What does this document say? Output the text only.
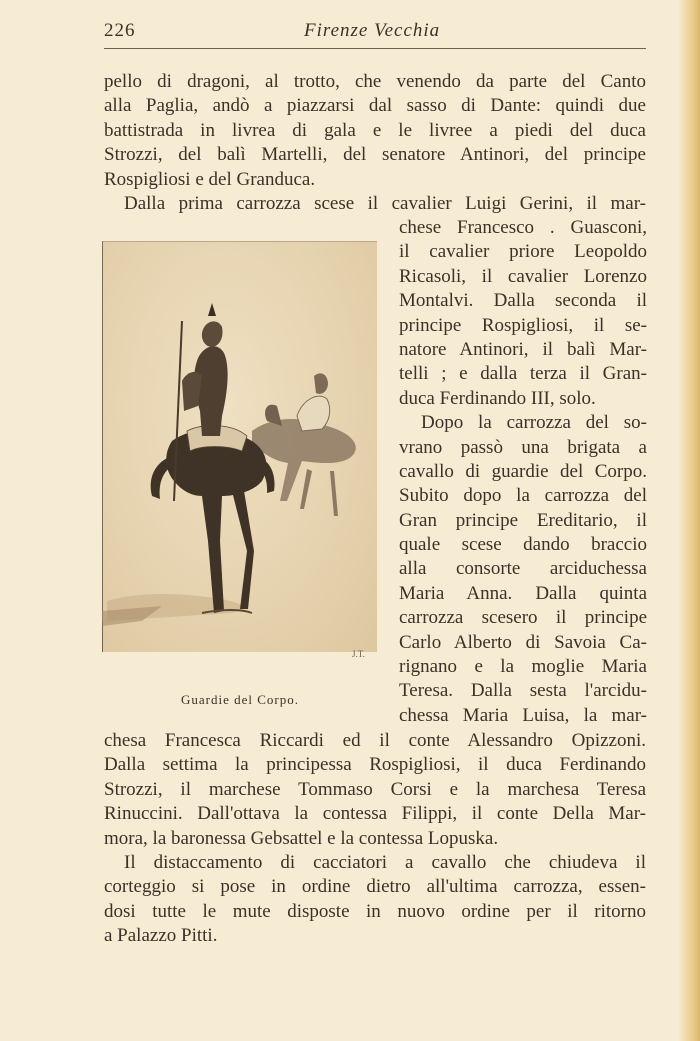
226	Firenze Vecchia
pello di dragoni, al trotto, che venendo da parte del Canto
alla Paglia, andò a piazzarsi dal sasso di Dante: quindi due
battistrada in livrea di gala e le livree a piedi del duca
Strozzi, del balì Martelli, del senatore Antinori, del principe
Rospigliosi e del Granduca.
Dalla prima carrozza scese il cavalier Luigi Gerini, il mar-
chese Francesco . Guasconi,
il cavalier priore Leopoldo
Ricasoli, il cavalier Lorenzo
Montalvi. Dalla seconda il
principe Rospigliosi, il se-
natore Antinori, il balì Mar-
telli ; e dalla terza il Gran-
duca Ferdinando III, solo.
Dopo la carrozza del so-
vrano passò una brigata a
cavallo di guardie del Corpo.
Subito dopo la carrozza del
Gran principe Ereditario, il
quale scese dando braccio
alla consorte arciduchessa
Maria Anna. Dalla quinta
carrozza scesero il principe
Carlo Alberto di Savoia Ca-
rignano e la moglie Maria
Teresa. Dalla sesta l'arcidu-
chessa Maria Luisa, la mar-
J.T.
Guardie del Corpo.
chesa Francesca Riccardi ed il conte Alessandro Opizzoni.
Dalla settima la principessa Rospigliosi, il duca Ferdinando
Strozzi, il marchese Tommaso Corsi e la marchesa Teresa
Rinuccini. Dall'ottava la contessa Filippi, il conte Della Mar-
mora, la baronessa Gebsattel e la contessa Lopuska.
Il distaccamento di cacciatori a cavallo che chiudeva il
corteggio si pose in ordine dietro all'ultima carrozza, essen-
dosi tutte le mute disposte in nuovo ordine per il ritorno
a Palazzo Pitti.
